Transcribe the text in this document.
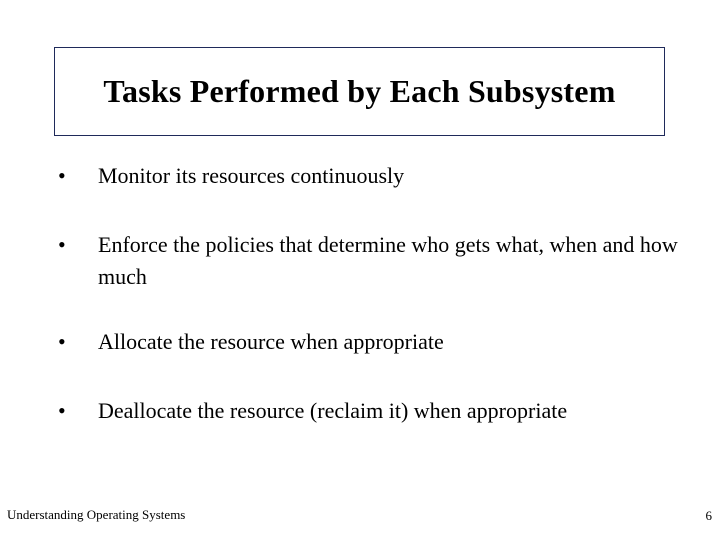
Tasks Performed by Each Subsystem
• Monitor its resources continuously
• Enforce the policies that determine who gets what, when and how much
• Allocate the resource when appropriate
• Deallocate the resource (reclaim it) when appropriate
Understanding Operating Systems	6
